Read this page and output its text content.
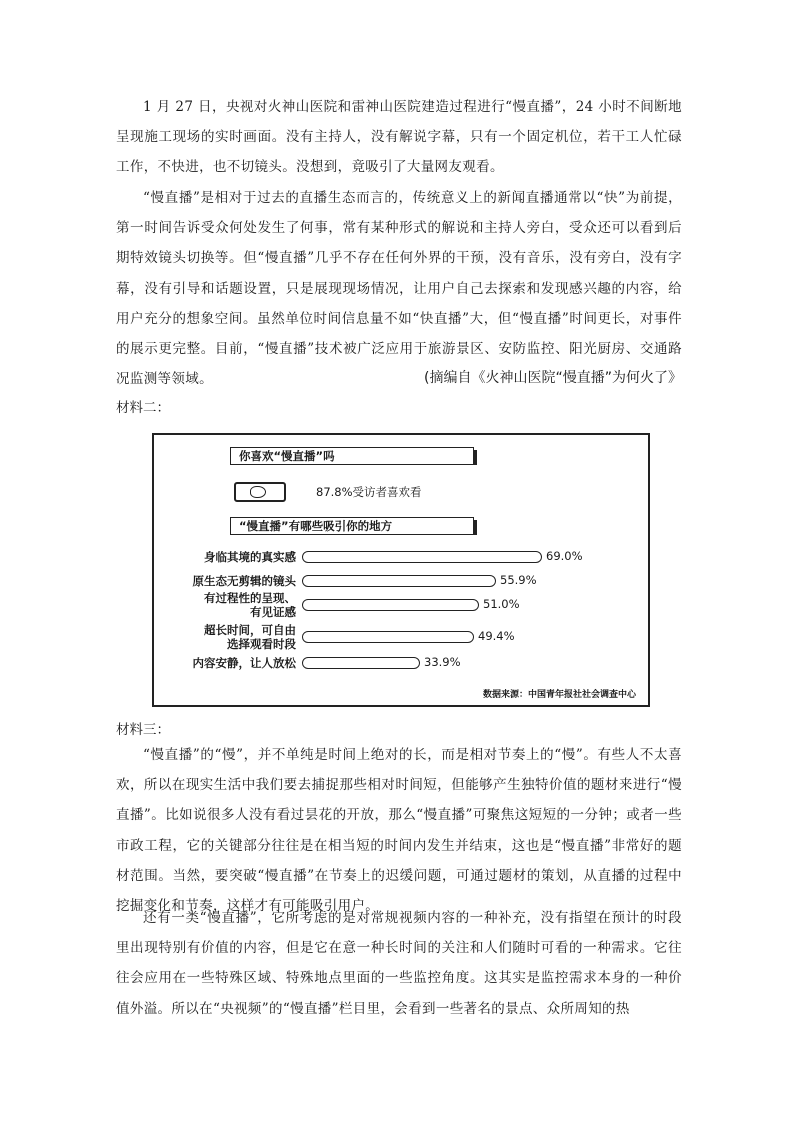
1 月 27 日，央视对火神山医院和雷神山医院建造过程进行“慢直播”，24 小时不间断地呈现施工现场的实时画面。没有主持人，没有解说字幕，只有一个固定机位，若干工人忙碌工作，不快进，也不切镜头。没想到，竟吸引了大量网友观看。

“慢直播”是相对于过去的直播生态而言的，传统意义上的新闻直播通常以“快”为前提，第一时间告诉受众何处发生了何事，常有某种形式的解说和主持人旁白，受众还可以看到后期特效镜头切换等。但“慢直播”几乎不存在任何外界的干预，没有音乐，没有旁白，没有字幕，没有引导和话题设置，只是展现现场情况，让用户自己去探索和发现感兴趣的内容，给用户充分的想象空间。虽然单位时间信息量不如“快直播”大，但“慢直播”时间更长，对事件的展示更完整。目前，“慢直播”技术被广泛应用于旅游景区、安防监控、阳光厨房、交通路况监测等领域。	(摘编自《火神山医院“慢直播”为何火了》
材料二：
你喜欢“慢直播”吗
87.8%受访者喜欢看
“慢直播”有哪些吸引你的地方
身临其境的真实感	69.0%
原生态无剪辑的镜头	55.9%
有过程性的呈现、
有见证感
51.0%
超长时间，可自由
选择观看时段
49.4%
内容安静，让人放松	33.9%
数据来源：中国青年报社社会调查中心
材料三：

“慢直播”的“慢”，并不单纯是时间上绝对的长，而是相对节奏上的“慢”。有些人不太喜欢，所以在现实生活中我们要去捕捉那些相对时间短，但能够产生独特价值的题材来进行“慢直播”。比如说很多人没有看过昙花的开放，那么“慢直播”可聚焦这短短的一分钟；或者一些市政工程，它的关键部分往往是在相当短的时间内发生并结束，这也是“慢直播”非常好的题材范围。当然，要突破“慢直播”在节奏上的迟缓问题，可通过题材的策划，从直播的过程中挖掘变化和节奏，这样才有可能吸引用户。

还有一类“慢直播”，它所考虑的是对常规视频内容的一种补充，没有指望在预计的时段里出现特别有价值的内容，但是它在意一种长时间的关注和人们随时可看的一种需求。它往往会应用在一些特殊区域、特殊地点里面的一些监控角度。这其实是监控需求本身的一种价值外溢。所以在“央视频”的“慢直播”栏目里，会看到一些著名的景点、众所周知的热
